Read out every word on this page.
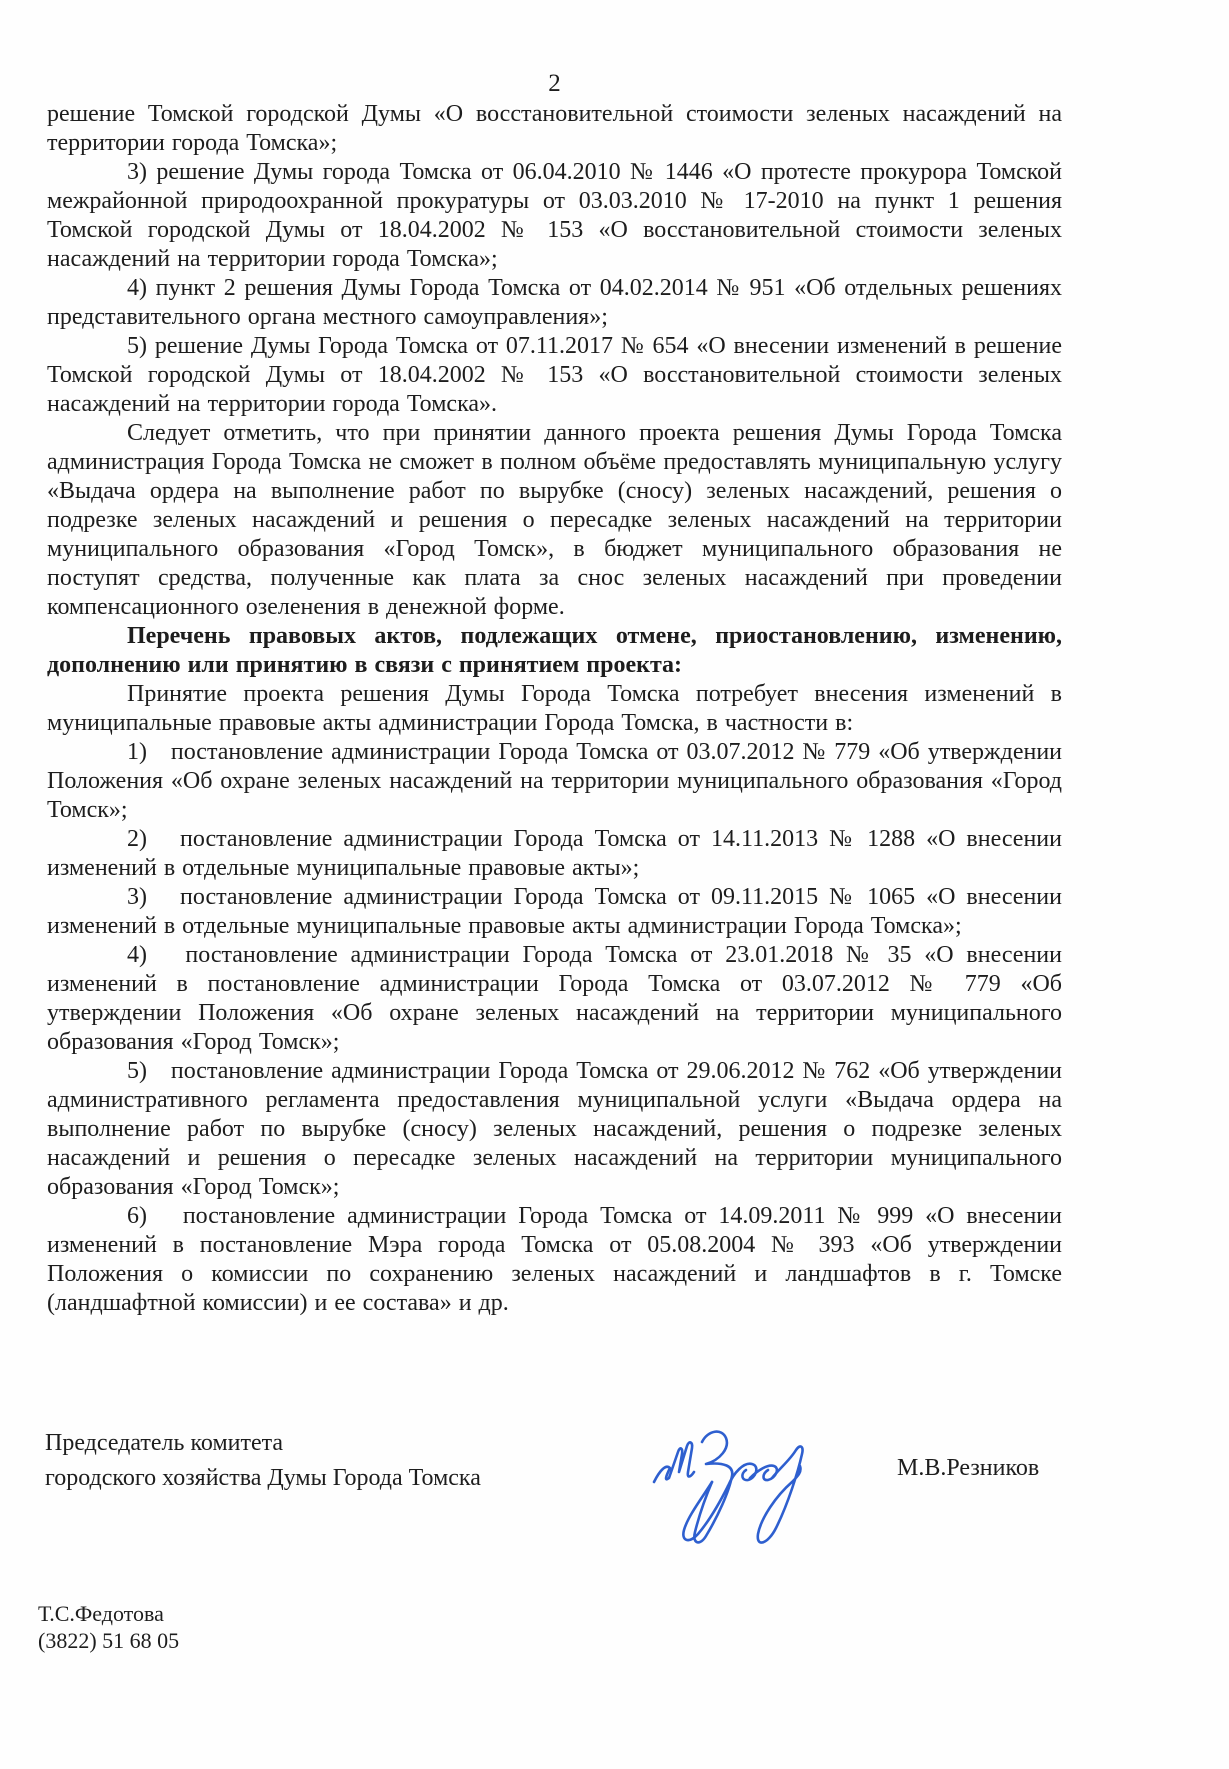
2

решение Томской городской Думы «О восстановительной стоимости зеленых насаждений на территории города Томска»;

3) решение Думы города Томска от 06.04.2010 № 1446 «О протесте прокурора Томской межрайонной природоохранной прокуратуры от 03.03.2010 № 17-2010 на пункт 1 решения Томской городской Думы от 18.04.2002 № 153 «О восстановительной стоимости зеленых насаждений на территории города Томска»;

4) пункт 2 решения Думы Города Томска от 04.02.2014 № 951 «Об отдельных решениях представительного органа местного самоуправления»;

5) решение Думы Города Томска от 07.11.2017 № 654 «О внесении изменений в решение Томской городской Думы от 18.04.2002 № 153 «О восстановительной стоимости зеленых насаждений на территории города Томска».

Следует отметить, что при принятии данного проекта решения Думы Города Томска администрация Города Томска не сможет в полном объёме предоставлять муниципальную услугу «Выдача ордера на выполнение работ по вырубке (сносу) зеленых насаждений, решения о подрезке зеленых насаждений и решения о пересадке зеленых насаждений на территории муниципального образования «Город Томск», в бюджет муниципального образования не поступят средства, полученные как плата за снос зеленых насаждений при проведении компенсационного озеленения в денежной форме.

Перечень правовых актов, подлежащих отмене, приостановлению, изменению, дополнению или принятию в связи с принятием проекта:

Принятие проекта решения Думы Города Томска потребует внесения изменений в муниципальные правовые акты администрации Города Томска, в частности в:

1)   постановление администрации Города Томска от 03.07.2012 № 779 «Об утверждении Положения «Об охране зеленых насаждений на территории муниципального образования «Город Томск»;

2)   постановление администрации Города Томска от 14.11.2013 № 1288 «О внесении изменений в отдельные муниципальные правовые акты»;

3)   постановление администрации Города Томска от 09.11.2015 № 1065 «О внесении изменений в отдельные муниципальные правовые акты администрации Города Томска»;

4)   постановление администрации Города Томска от 23.01.2018 № 35 «О внесении изменений в постановление администрации Города Томска от 03.07.2012 № 779 «Об утверждении Положения «Об охране зеленых насаждений на территории муниципального образования «Город Томск»;

5)   постановление администрации Города Томска от 29.06.2012 № 762 «Об утверждении административного регламента предоставления муниципальной услуги «Выдача ордера на выполнение работ по вырубке (сносу) зеленых насаждений, решения о подрезке зеленых насаждений и решения о пересадке зеленых насаждений на территории муниципального образования «Город Томск»;

6)   постановление администрации Города Томска от 14.09.2011 № 999 «О внесении изменений в постановление Мэра города Томска от 05.08.2004 № 393 «Об утверждении Положения о комиссии по сохранению зеленых насаждений и ландшафтов в г. Томске (ландшафтной комиссии) и ее состава» и др.

Председатель комитета
городского хозяйства Думы Города Томска	М.В.Резников
Т.С.Федотова
(3822) 51 68 05
